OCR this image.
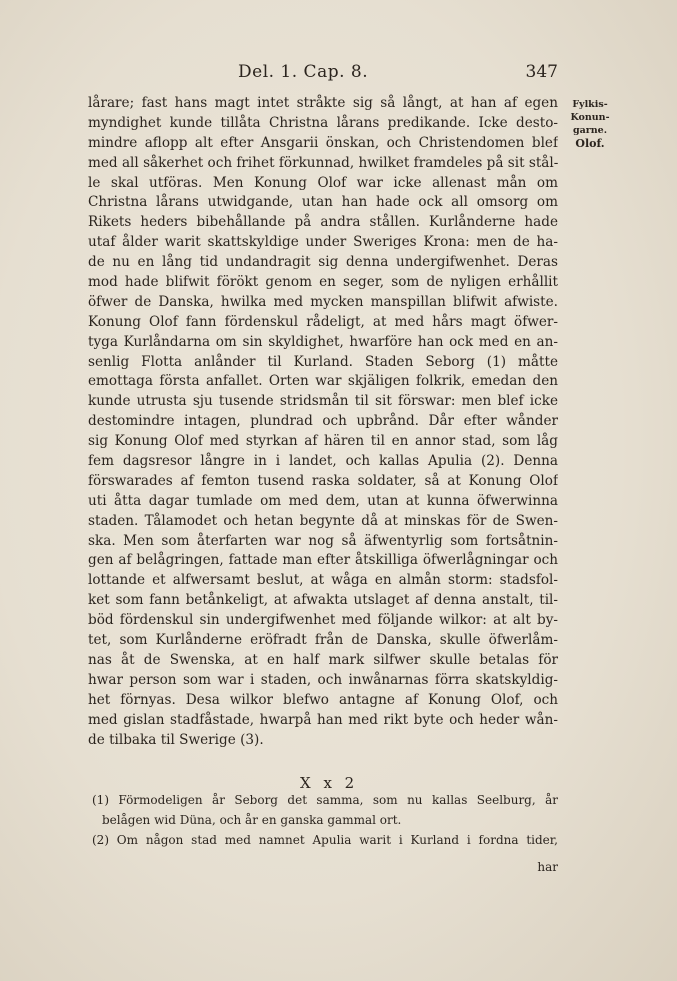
Del. 1. Cap. 8.	347
Fylkis-
Konun-
garne.
Olof.
lårare; fast hans magt intet stråkte sig så långt, at han af egen
myndighet kunde tillåta Christna lårans predikande. Icke desto-
mindre aflopp alt efter Ansgarii önskan, och Christendomen blef
med all såkerhet och frihet förkunnad, hwilket framdeles på sit stål-
le skal utföras. Men Konung Olof war icke allenast mån om
Christna lårans utwidgande, utan han hade ock all omsorg om
Rikets heders bibehållande på andra stållen. Kurlånderne hade
utaf ålder warit skattskyldige under Sweriges Krona: men de ha-
de nu en lång tid undandragit sig denna undergifwenhet. Deras
mod hade blifwit förökt genom en seger, som de nyligen erhållit
öfwer de Danska, hwilka med mycken manspillan blifwit afwiste.
Konung Olof fann fördenskul rådeligt, at med hårs magt öfwer-
tyga Kurlåndarna om sin skyldighet, hwarföre han ock med en an-
senlig Flotta anlånder til Kurland. Staden Seborg (1) måtte
emottaga första anfallet. Orten war skjäligen folkrik, emedan den
kunde utrusta sju tusende stridsmån til sit förswar: men blef icke
destomindre intagen, plundrad och upbrånd. Dår efter wånder
sig Konung Olof med styrkan af hären til en annor stad, som låg
fem dagsresor långre in i landet, och kallas Apulia (2). Denna
förswarades af femton tusend raska soldater, så at Konung Olof
uti åtta dagar tumlade om med dem, utan at kunna öfwerwinna
staden. Tålamodet och hetan begynte då at minskas för de Swen-
ska. Men som återfarten war nog så äfwentyrlig som fortsåtnin-
gen af belågringen, fattade man efter åtskilliga öfwerlågningar och
lottande et alfwersamt beslut, at wåga en almån storm: stadsfol-
ket som fann betånkeligt, at afwakta utslaget af denna anstalt, til-
böd fördenskul sin undergifwenhet med följande wilkor: at alt by-
tet, som Kurlånderne eröfradt från de Danska, skulle öfwerlåm-
nas åt de Swenska, at en half mark silfwer skulle betalas för
hwar person som war i staden, och inwånarnas förra skatskyldig-
het förnyas. Desa wilkor blefwo antagne af Konung Olof, och
med gislan stadfåstade, hwarpå han med rikt byte och heder wån-
de tilbaka til Swerige (3).
X x 2
(1) Förmodeligen år Seborg det samma, som nu kallas Seelburg, år
belågen wid Düna, och år en ganska gammal ort.
(2) Om någon stad med namnet Apulia warit i Kurland i fordna tider,
har
